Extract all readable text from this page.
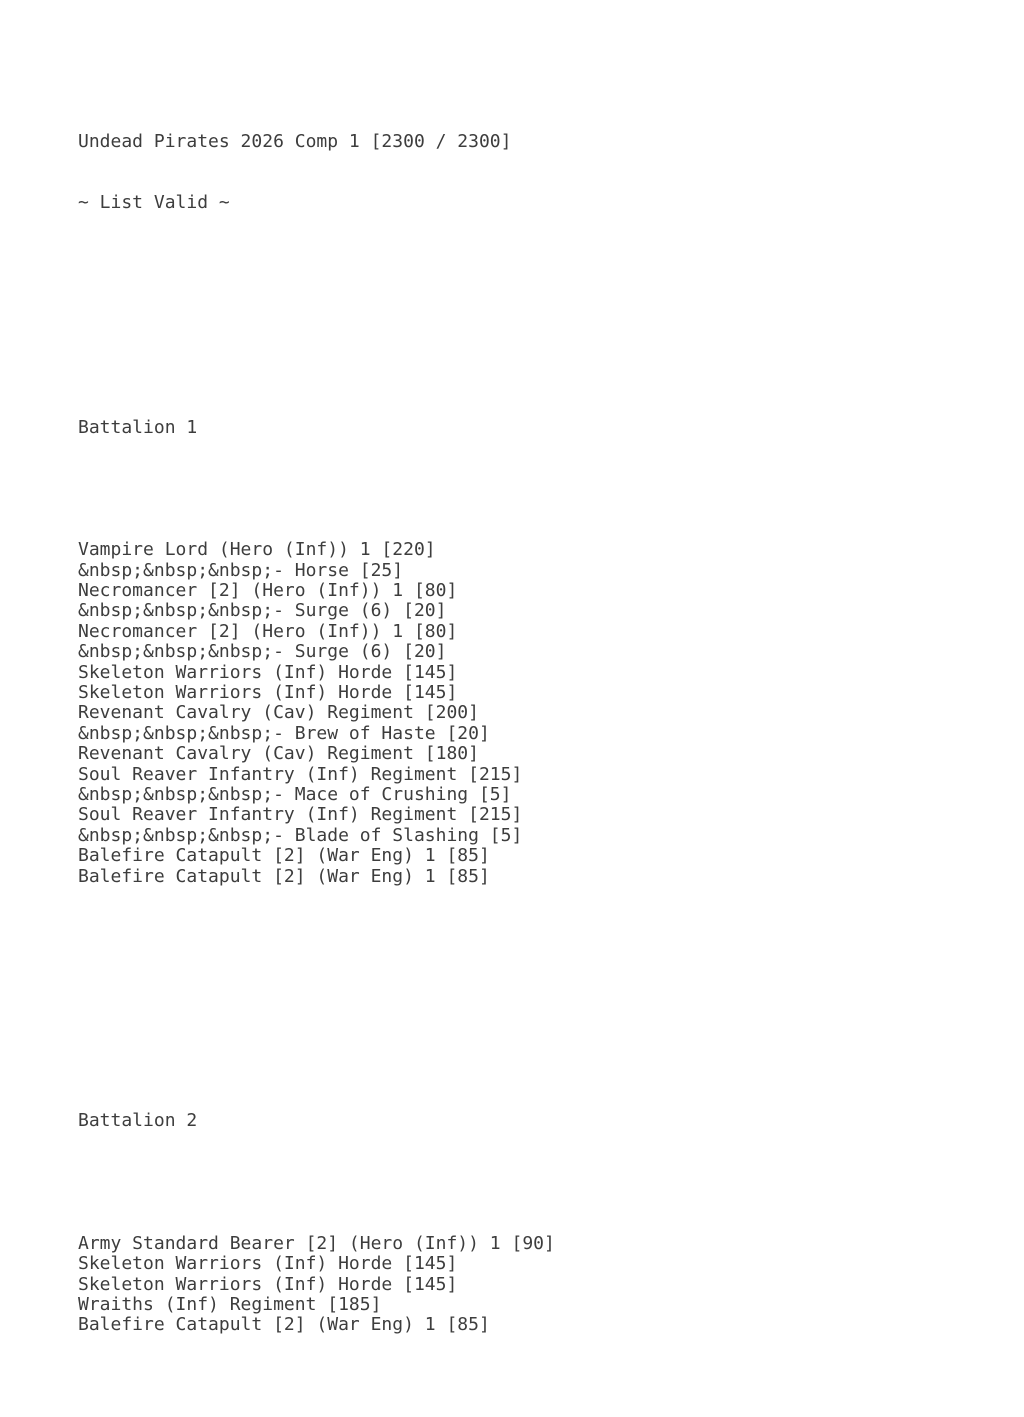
Undead Pirates 2026 Comp 1 [2300 / 2300]

~ List Valid ~

Battalion 1

Vampire Lord (Hero (Inf)) 1 [220]
&nbsp;&nbsp;&nbsp;- Horse [25]
Necromancer [2] (Hero (Inf)) 1 [80]
&nbsp;&nbsp;&nbsp;- Surge (6) [20]
Necromancer [2] (Hero (Inf)) 1 [80]
&nbsp;&nbsp;&nbsp;- Surge (6) [20]
Skeleton Warriors (Inf) Horde [145]
Skeleton Warriors (Inf) Horde [145]
Revenant Cavalry (Cav) Regiment [200]
&nbsp;&nbsp;&nbsp;- Brew of Haste [20]
Revenant Cavalry (Cav) Regiment [180]
Soul Reaver Infantry (Inf) Regiment [215]
&nbsp;&nbsp;&nbsp;- Mace of Crushing [5]
Soul Reaver Infantry (Inf) Regiment [215]
&nbsp;&nbsp;&nbsp;- Blade of Slashing [5]
Balefire Catapult [2] (War Eng) 1 [85]
Balefire Catapult [2] (War Eng) 1 [85]

Battalion 2

Army Standard Bearer [2] (Hero (Inf)) 1 [90]
Skeleton Warriors (Inf) Horde [145]
Skeleton Warriors (Inf) Horde [145]
Wraiths (Inf) Regiment [185]
Balefire Catapult [2] (War Eng) 1 [85]
